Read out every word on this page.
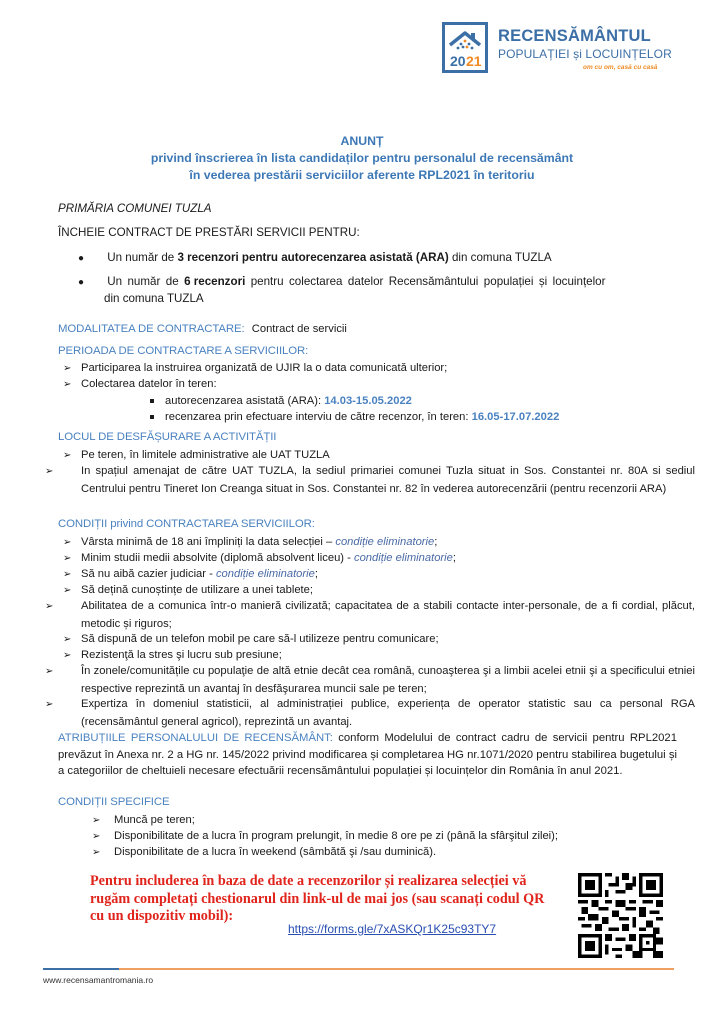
20 21
RECENSĂMÂNTUL
POPULAȚIEI și LOCUINȚELOR
om cu om, casă cu casă
ANUNȚ
privind înscrierea în lista candidaților pentru personalul de recensământ
în vederea prestării serviciilor aferente RPL2021 în teritoriu
PRIMĂRIA COMUNEI TUZLA
ÎNCHEIE CONTRACT DE PRESTĂRI SERVICII PENTRU:
● Un număr de 3 recenzori pentru autorecenzarea asistată (ARA) din comuna TUZLA
● Un număr de 6 recenzori pentru colectarea datelor Recensământului populației și locuințelor
din comuna TUZLA
MODALITATEA DE CONTRACTARE: Contract de servicii
PERIOADA DE CONTRACTARE A SERVICIILOR:
➢ Participarea la instruirea organizată de UJIR la o data comunicată ulterior;
➢ Colectarea datelor în teren:
autorecenzarea asistată (ARA): 14.03-15.05.2022
recenzarea prin efectuare interviu de către recenzor, în teren: 16.05-17.07.2022
LOCUL DE DESFĂȘURARE A ACTIVITĂȚII
➢ Pe teren, în limitele administrative ale UAT TUZLA
➢ In spațiul amenajat de către UAT TUZLA, la sediul primariei comunei Tuzla situat in Sos. Constantei nr. 80A si sediul Centrului pentru Tineret Ion Creanga situat in Sos. Constantei nr. 82 în vederea autorecenzării (pentru recenzorii ARA)
CONDIȚII privind CONTRACTAREA SERVICIILOR:
➢ Vârsta minimă de 18 ani împliniți la data selecției – condiție eliminatorie;
➢ Minim studii medii absolvite (diplomă absolvent liceu) - condiție eliminatorie;
➢ Să nu aibă cazier judiciar - condiție eliminatorie;
➢ Să dețină cunoștințe de utilizare a unei tablete;
➢ Abilitatea de a comunica într-o manieră civilizată; capacitatea de a stabili contacte inter-personale, de a fi cordial, plăcut, metodic și riguros;
➢ Să dispună de un telefon mobil pe care să-l utilizeze pentru comunicare;
➢ Rezistenţă la stres şi lucru sub presiune;
➢ În zonele/comunitățile cu populaţie de altă etnie decât cea română, cunoaşterea şi a limbii acelei etnii şi a specificului etniei respective reprezintă un avantaj în desfăşurarea muncii sale pe teren;
➢ Expertiza în domeniul statisticii, al administrației publice, experiența de operator statistic sau ca personal RGA (recensământul general agricol), reprezintă un avantaj.
ATRIBUȚIILE PERSONALULUI DE RECENSĂMÂNT: conform Modelului de contract cadru de servicii pentru RPL2021 prevăzut în Anexa nr. 2 a HG nr. 145/2022 privind modificarea și completarea HG nr.1071/2020 pentru stabilirea bugetului și a categoriilor de cheltuieli necesare efectuării recensământului populației și locuințelor din România în anul 2021.
CONDIȚII SPECIFICE
➢ Muncă pe teren;
➢ Disponibilitate de a lucra în program prelungit, în medie 8 ore pe zi (până la sfârşitul zilei);
➢ Disponibilitate de a lucra în weekend (sâmbătă şi /sau duminică).
Pentru includerea în baza de date a recenzorilor și realizarea selecției vă rugăm completați chestionarul din link-ul de mai jos (sau scanați codul QR cu un dispozitiv mobil):
https://forms.gle/7xASKQr1K25c93TY7
www.recensamantromania.ro
